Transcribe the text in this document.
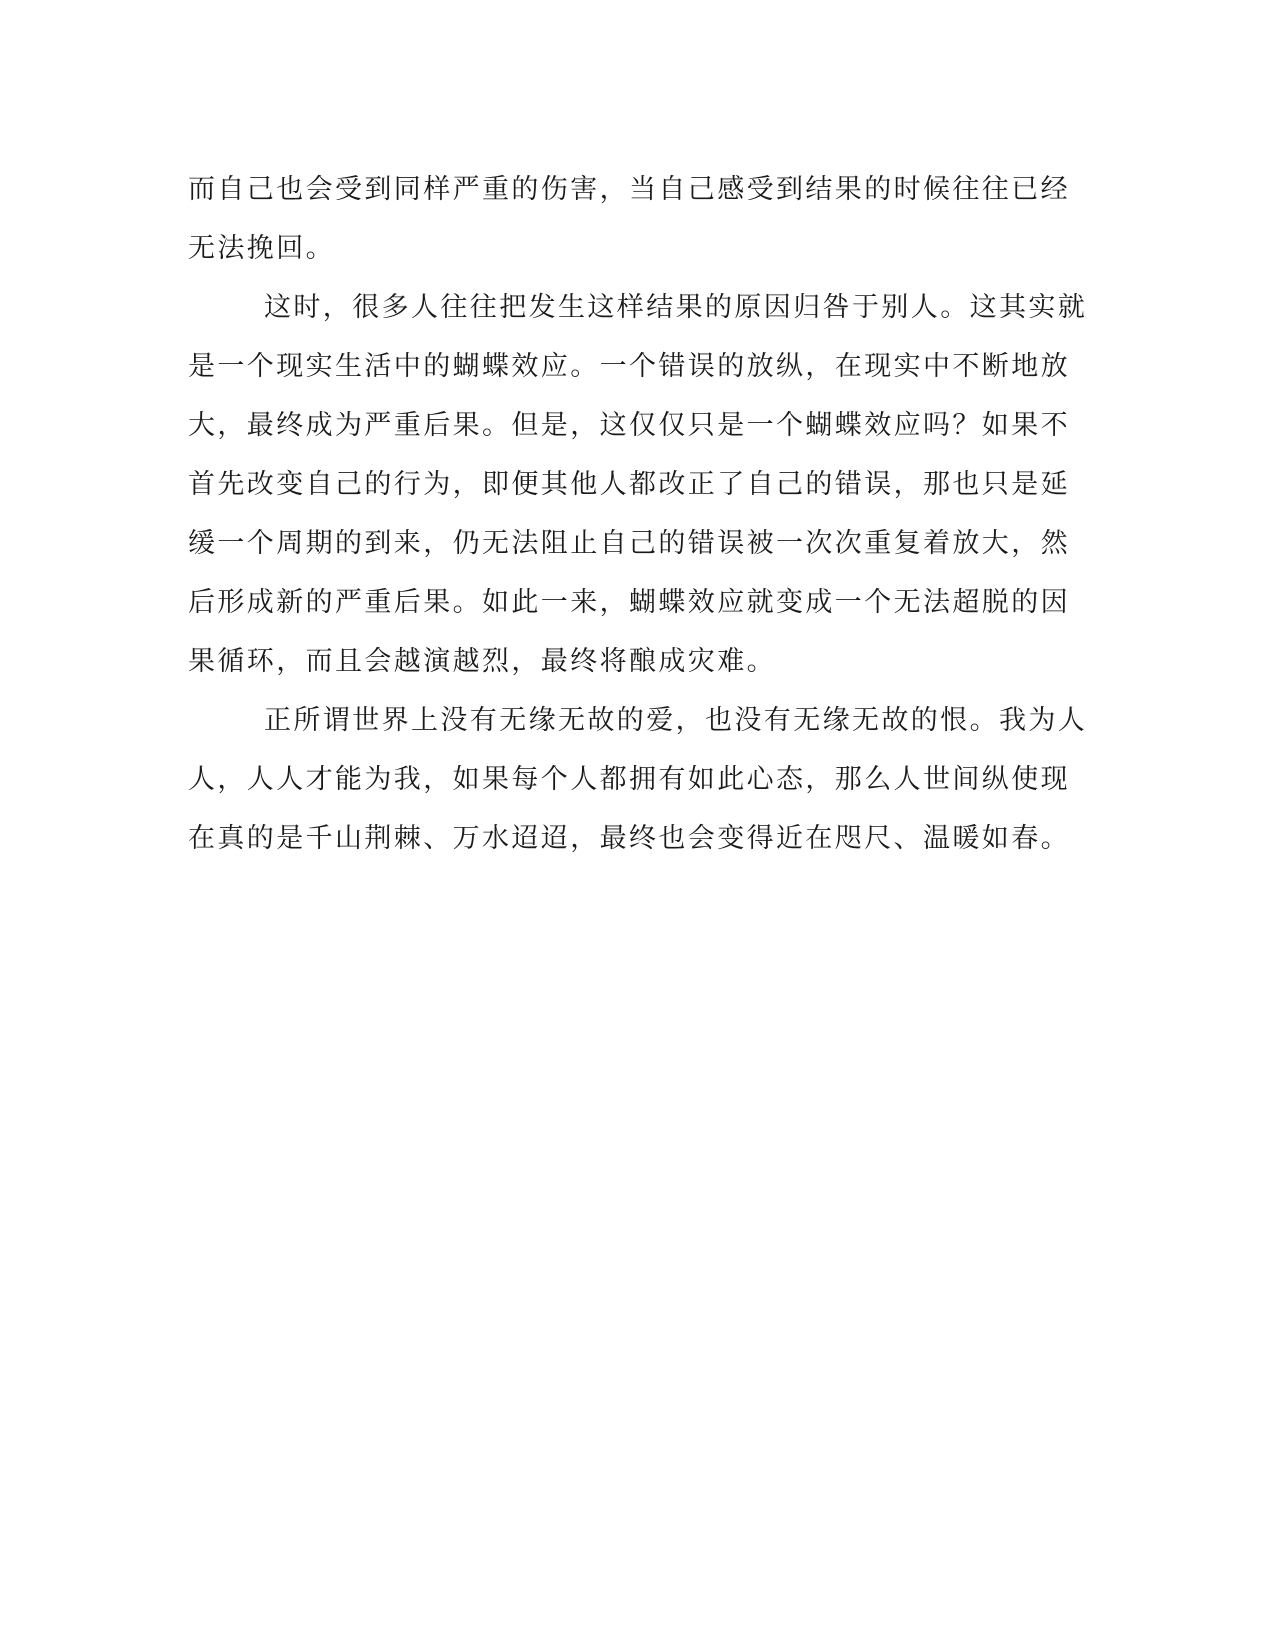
而自己也会受到同样严重的伤害，当自己感受到结果的时候往往已经
无法挽回。
这时，很多人往往把发生这样结果的原因归咎于别人。这其实就
是一个现实生活中的蝴蝶效应。一个错误的放纵，在现实中不断地放
大，最终成为严重后果。但是，这仅仅只是一个蝴蝶效应吗？如果不
首先改变自己的行为，即便其他人都改正了自己的错误，那也只是延
缓一个周期的到来，仍无法阻止自己的错误被一次次重复着放大，然
后形成新的严重后果。如此一来，蝴蝶效应就变成一个无法超脱的因
果循环，而且会越演越烈，最终将酿成灾难。
正所谓世界上没有无缘无故的爱，也没有无缘无故的恨。我为人
人，人人才能为我，如果每个人都拥有如此心态，那么人世间纵使现
在真的是千山荆棘、万水迢迢，最终也会变得近在咫尺、温暖如春。
